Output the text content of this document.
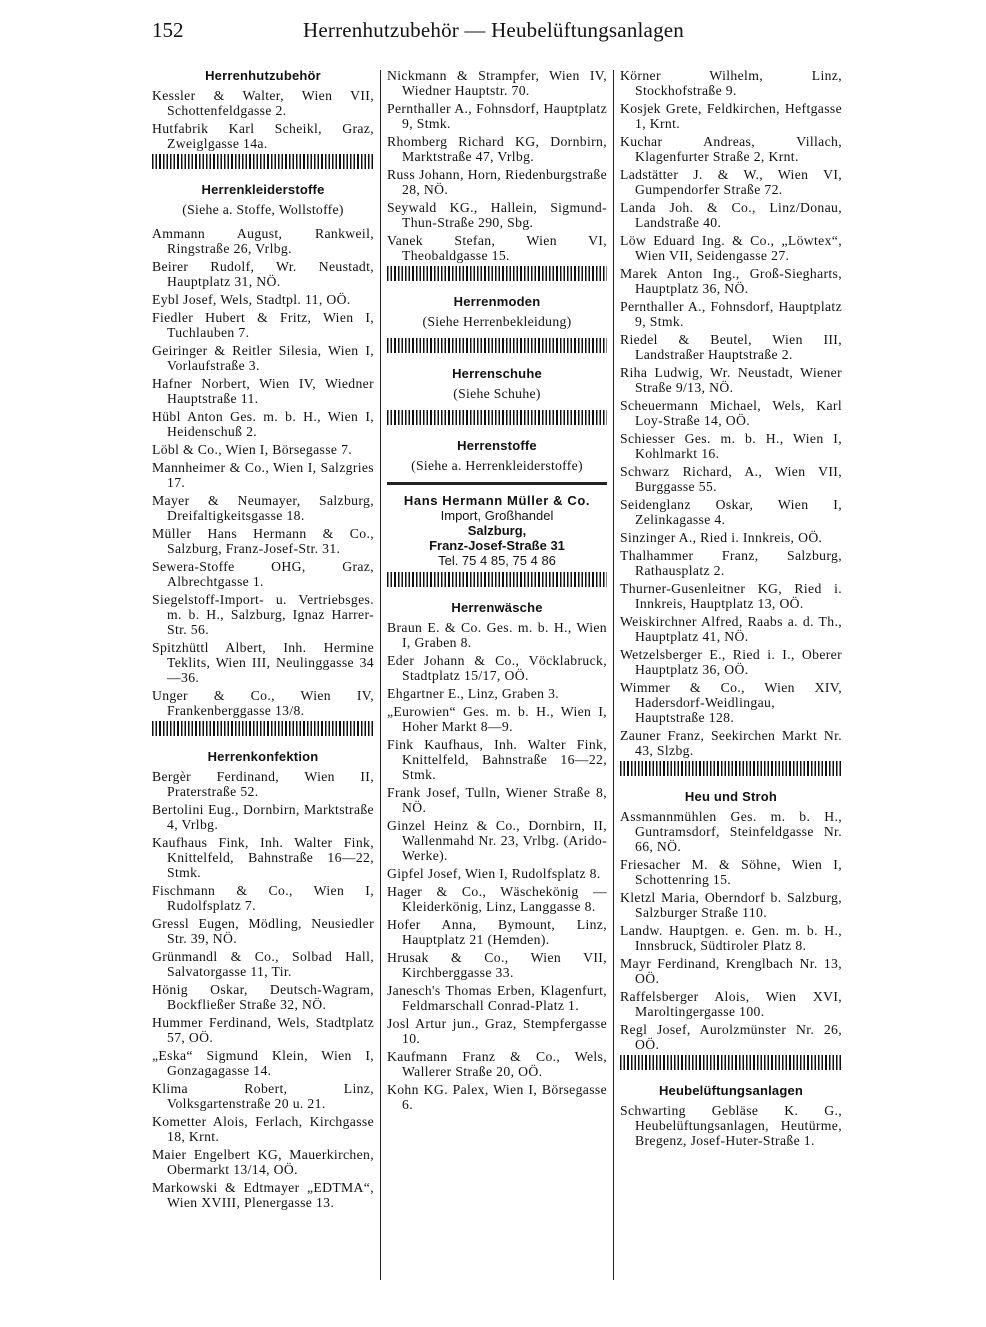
152	Herrenhutzubehör — Heubelüftungsanlagen
Herrenhutzubehör
Kessler & Walter, Wien VII, Schottenfeldgasse 2.
Hutfabrik Karl Scheikl, Graz, Zweiglgasse 14a.
Herrenkleiderstoffe
(Siehe a. Stoffe, Wollstoffe)
Ammann August, Rankweil, Ringstraße 26, Vrlbg.
Beirer Rudolf, Wr. Neustadt, Hauptplatz 31, NÖ.
Eybl Josef, Wels, Stadtpl. 11, OÖ.
Fiedler Hubert & Fritz, Wien I, Tuchlauben 7.
Geiringer & Reitler Silesia, Wien I, Vorlaufstraße 3.
Hafner Norbert, Wien IV, Wiedner Hauptstraße 11.
Hübl Anton Ges. m. b. H., Wien I, Heidenschuß 2.
Löbl & Co., Wien I, Börsegasse 7.
Mannheimer & Co., Wien I, Salzgries 17.
Mayer & Neumayer, Salzburg, Dreifaltigkeitsgasse 18.
Müller Hans Hermann & Co., Salzburg, Franz-Josef-Str. 31.
Sewera-Stoffe OHG, Graz, Albrechtgasse 1.
Siegelstoff-Import- u. Vertriebsges. m. b. H., Salzburg, Ignaz Harrer-Str. 56.
Spitzhüttl Albert, Inh. Hermine Teklits, Wien III, Neulinggasse 34—36.
Unger & Co., Wien IV, Frankenberggasse 13/8.
Herrenkonfektion
Bergèr Ferdinand, Wien II, Praterstraße 52.
Bertolini Eug., Dornbirn, Marktstraße 4, Vrlbg.
Kaufhaus Fink, Inh. Walter Fink, Knittelfeld, Bahnstraße 16—22, Stmk.
Fischmann & Co., Wien I, Rudolfsplatz 7.
Gressl Eugen, Mödling, Neusiedler Str. 39, NÖ.
Grünmandl & Co., Solbad Hall, Salvatorgasse 11, Tir.
Hönig Oskar, Deutsch-Wagram, Bockfließer Straße 32, NÖ.
Hummer Ferdinand, Wels, Stadtplatz 57, OÖ.
„Eska“ Sigmund Klein, Wien I, Gonzagagasse 14.
Klima Robert, Linz, Volksgartenstraße 20 u. 21.
Kometter Alois, Ferlach, Kirchgasse 18, Krnt.
Maier Engelbert KG, Mauerkirchen, Obermarkt 13/14, OÖ.
Markowski & Edtmayer „EDTMA“, Wien XVIII, Plenergasse 13.
Nickmann & Strampfer, Wien IV, Wiedner Hauptstr. 70.
Pernthaller A., Fohnsdorf, Hauptplatz 9, Stmk.
Rhomberg Richard KG, Dornbirn, Marktstraße 47, Vrlbg.
Russ Johann, Horn, Riedenburgstraße 28, NÖ.
Seywald KG., Hallein, Sigmund-Thun-Straße 290, Sbg.
Vanek Stefan, Wien VI, Theobaldgasse 15.
Herrenmoden
(Siehe Herrenbekleidung)
Herrenschuhe
(Siehe Schuhe)
Herrenstoffe
(Siehe a. Herrenkleiderstoffe)
Hans Hermann Müller & Co.
Import, Großhandel
Salzburg,
Franz-Josef-Straße 31
Tel. 75 4 85, 75 4 86
Herrenwäsche
Braun E. & Co. Ges. m. b. H., Wien I, Graben 8.
Eder Johann & Co., Vöcklabruck, Stadtplatz 15/17, OÖ.
Ehgartner E., Linz, Graben 3.
„Eurowien“ Ges. m. b. H., Wien I, Hoher Markt 8—9.
Fink Kaufhaus, Inh. Walter Fink, Knittelfeld, Bahnstraße 16—22, Stmk.
Frank Josef, Tulln, Wiener Straße 8, NÖ.
Ginzel Heinz & Co., Dornbirn, II, Wallenmahd Nr. 23, Vrlbg. (Arido-Werke).
Gipfel Josef, Wien I, Rudolfsplatz 8.
Hager & Co., Wäschekönig — Kleiderkönig, Linz, Langgasse 8.
Hofer Anna, Bymount, Linz, Hauptplatz 21 (Hemden).
Hrusak & Co., Wien VII, Kirchberggasse 33.
Janesch's Thomas Erben, Klagenfurt, Feldmarschall Conrad-Platz 1.
Josl Artur jun., Graz, Stempfergasse 10.
Kaufmann Franz & Co., Wels, Wallerer Straße 20, OÖ.
Kohn KG. Palex, Wien I, Börsegasse 6.
Körner Wilhelm, Linz, Stockhofstraße 9.
Kosjek Grete, Feldkirchen, Heftgasse 1, Krnt.
Kuchar Andreas, Villach, Klagenfurter Straße 2, Krnt.
Ladstätter J. & W., Wien VI, Gumpendorfer Straße 72.
Landa Joh. & Co., Linz/Donau, Landstraße 40.
Löw Eduard Ing. & Co., „Löwtex“, Wien VII, Seidengasse 27.
Marek Anton Ing., Groß-Siegharts, Hauptplatz 36, NÖ.
Pernthaller A., Fohnsdorf, Hauptplatz 9, Stmk.
Riedel & Beutel, Wien III, Landstraßer Hauptstraße 2.
Riha Ludwig, Wr. Neustadt, Wiener Straße 9/13, NÖ.
Scheuermann Michael, Wels, Karl Loy-Straße 14, OÖ.
Schiesser Ges. m. b. H., Wien I, Kohlmarkt 16.
Schwarz Richard, A., Wien VII, Burggasse 55.
Seidenglanz Oskar, Wien I, Zelinkagasse 4.
Sinzinger A., Ried i. Innkreis, OÖ.
Thalhammer Franz, Salzburg, Rathausplatz 2.
Thurner-Gusenleitner KG, Ried i. Innkreis, Hauptplatz 13, OÖ.
Weiskirchner Alfred, Raabs a. d. Th., Hauptplatz 41, NÖ.
Wetzelsberger E., Ried i. I., Oberer Hauptplatz 36, OÖ.
Wimmer & Co., Wien XIV, Hadersdorf-Weidlingau, Hauptstraße 128.
Zauner Franz, Seekirchen Markt Nr. 43, Slzbg.
Heu und Stroh
Assmannmühlen Ges. m. b. H., Guntramsdorf, Steinfeldgasse Nr. 66, NÖ.
Friesacher M. & Söhne, Wien I, Schottenring 15.
Kletzl Maria, Oberndorf b. Salzburg, Salzburger Straße 110.
Landw. Hauptgen. e. Gen. m. b. H., Innsbruck, Südtiroler Platz 8.
Mayr Ferdinand, Krenglbach Nr. 13, OÖ.
Raffelsberger Alois, Wien XVI, Maroltingergasse 100.
Regl Josef, Aurolzmünster Nr. 26, OÖ.
Heubelüftungsanlagen
Schwarting Gebläse K. G., Heubelüftungsanlagen, Heutürme, Bregenz, Josef-Huter-Straße 1.
